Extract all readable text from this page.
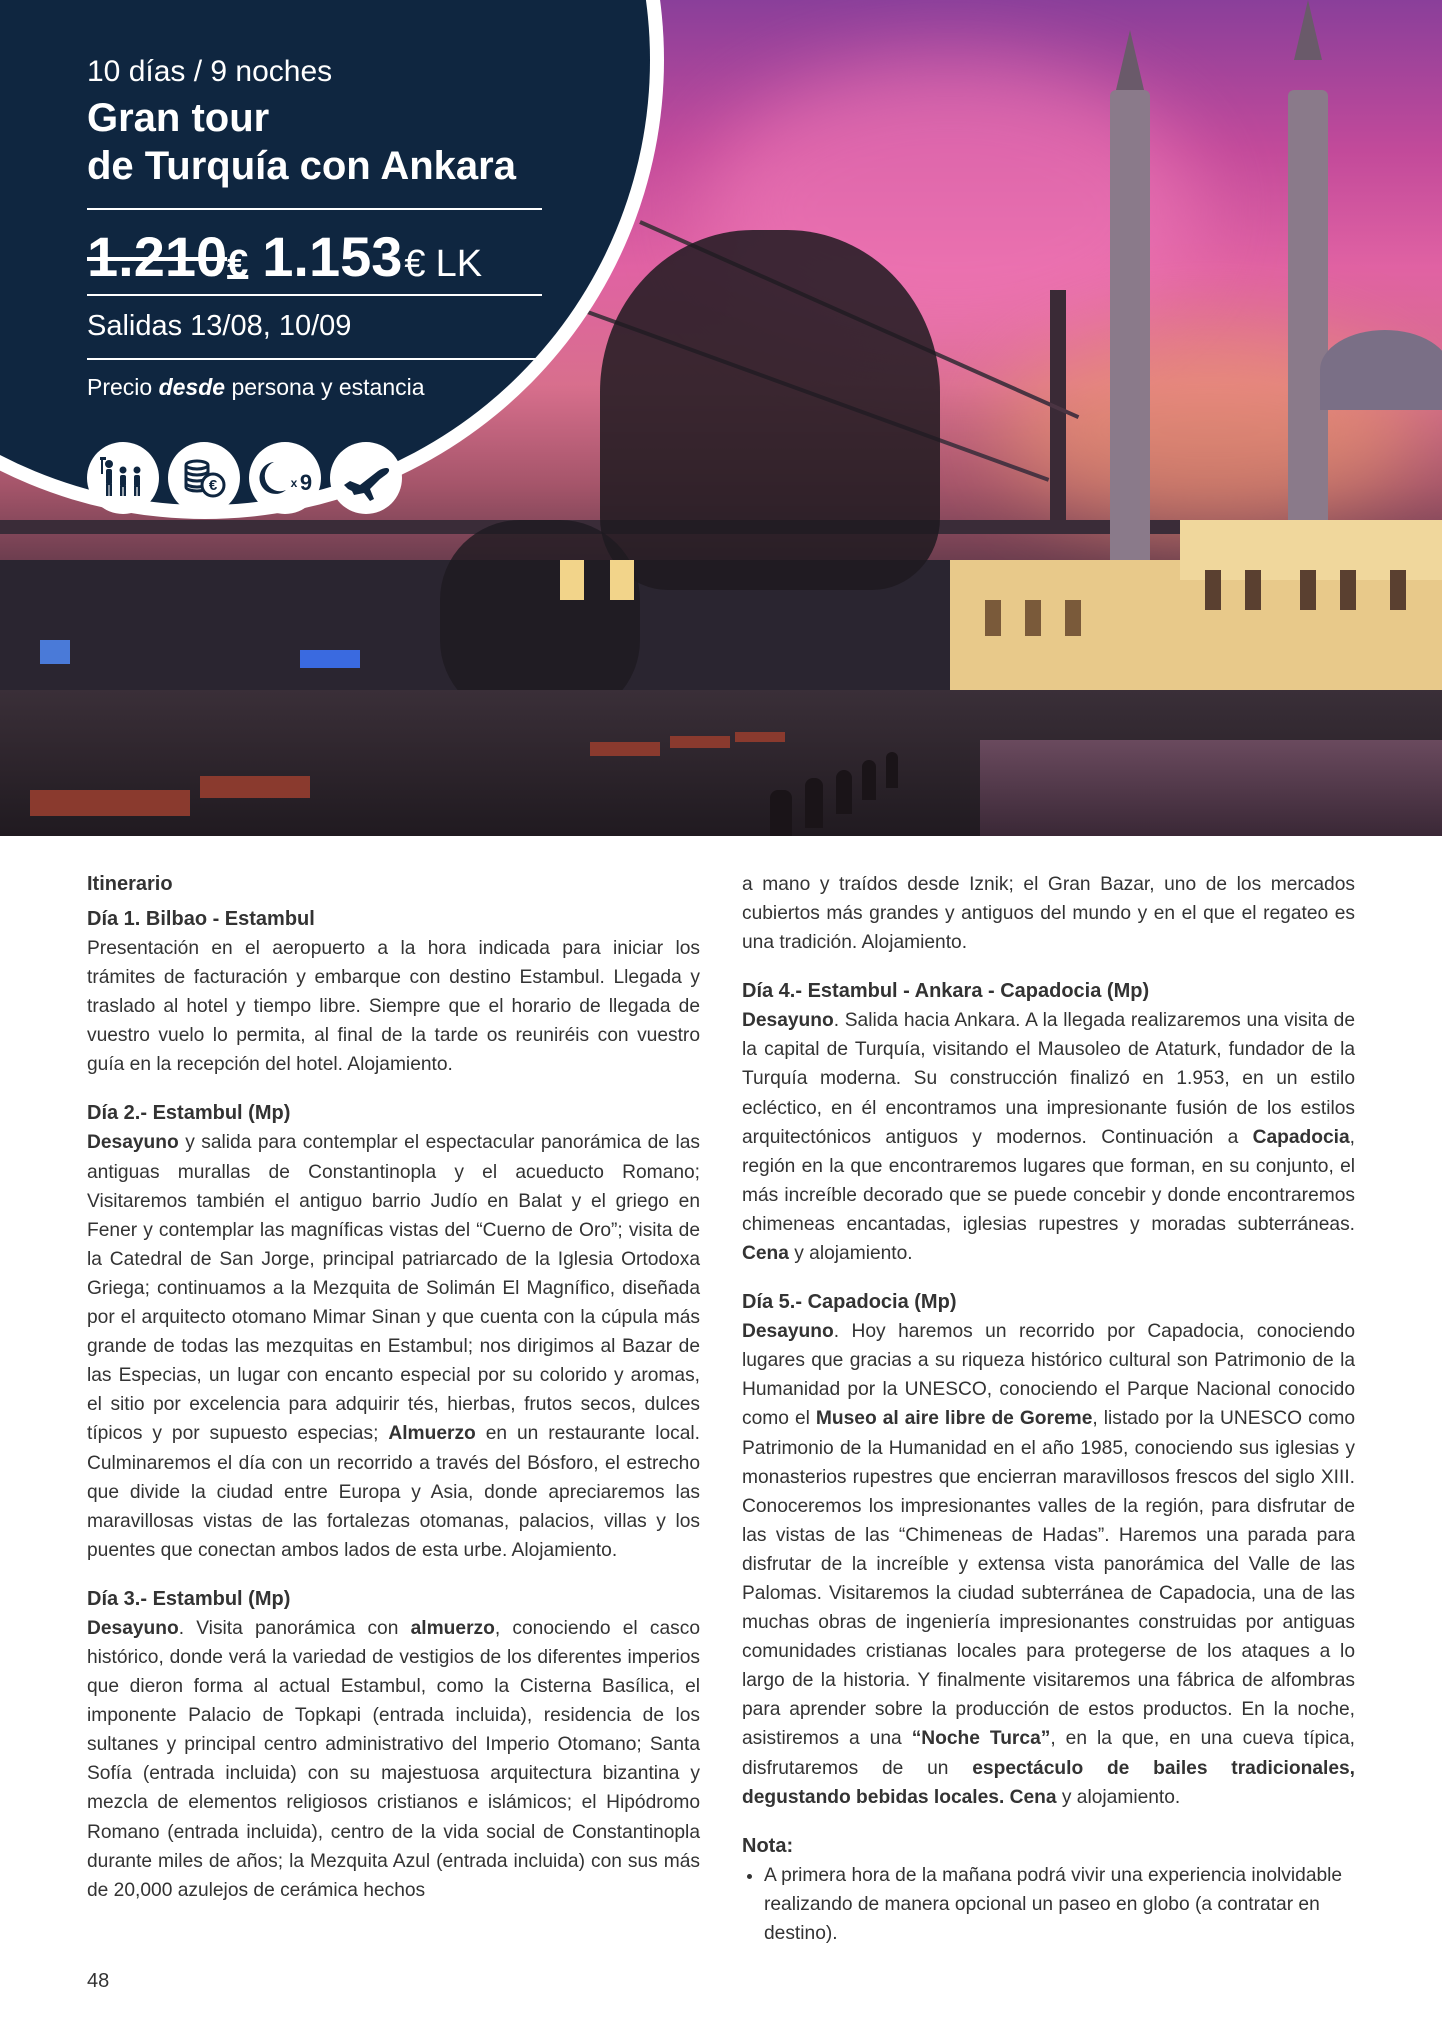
10 días / 9 noches

Gran tour
de Turquía con Ankara
1.210€ 1.153 € LK
Salidas 13/08, 10/09
Precio desde persona y estancia
€	x 9
Itinerario
Día 1. Bilbao - Estambul

Presentación en el aeropuerto a la hora indicada para iniciar los trámites de facturación y embarque con destino Estambul. Llegada y traslado al hotel y tiempo libre. Siempre que el horario de llegada de vuestro vuelo lo permita, al final de la tarde os reuniréis con vuestro guía en la recepción del hotel. Alojamiento.

Día 2.- Estambul (Mp)

Desayuno y salida para contemplar el espectacular panorámica de las antiguas murallas de Constantinopla y el acueducto Romano; Visitaremos también el antiguo barrio Judío en Balat y el griego en Fener y contemplar las magníficas vistas del “Cuerno de Oro”; visita de la Catedral de San Jorge, principal patriarcado de la Iglesia Ortodoxa Griega; continuamos a la Mezquita de Solimán El Magnífico, diseñada por el arquitecto otomano Mimar Sinan y que cuenta con la cúpula más grande de todas las mezquitas en Estambul; nos dirigimos al Bazar de las Especias, un lugar con encanto especial por su colorido y aromas, el sitio por excelencia para adquirir tés, hierbas, frutos secos, dulces típicos y por supuesto especias; Almuerzo en un restaurante local. Culminaremos el día con un recorrido a través del Bósforo, el estrecho que divide la ciudad entre Europa y Asia, donde apreciaremos las maravillosas vistas de las fortalezas otomanas, palacios, villas y los puentes que conectan ambos lados de esta urbe. Alojamiento.

Día 3.- Estambul (Mp)

Desayuno. Visita panorámica con almuerzo, conociendo el casco histórico, donde verá la variedad de vestigios de los diferentes imperios que dieron forma al actual Estambul, como la Cisterna Basílica, el imponente Palacio de Topkapi (entrada incluida), residencia de los sultanes y principal centro administrativo del Imperio Otomano; Santa Sofía (entrada incluida) con su majestuosa arquitectura bizantina y mezcla de elementos religiosos cristianos e islámicos; el Hipódromo Romano (entrada incluida), centro de la vida social de Constantinopla durante miles de años; la Mezquita Azul (entrada incluida) con sus más de 20,000 azulejos de cerámica hechos

a mano y traídos desde Iznik; el Gran Bazar, uno de los mercados cubiertos más grandes y antiguos del mundo y en el que el regateo es una tradición. Alojamiento.

Día 4.- Estambul - Ankara - Capadocia (Mp)

Desayuno. Salida hacia Ankara. A la llegada realizaremos una visita de la capital de Turquía, visitando el Mausoleo de Ataturk, fundador de la Turquía moderna. Su construcción finalizó en 1.953, en un estilo ecléctico, en él encontramos una impresionante fusión de los estilos arquitectónicos antiguos y modernos. Continuación a Capadocia, región en la que encontraremos lugares que forman, en su conjunto, el más increíble decorado que se puede concebir y donde encontraremos chimeneas encantadas, iglesias rupestres y moradas subterráneas. Cena y alojamiento.

Día 5.- Capadocia (Mp)

Desayuno. Hoy haremos un recorrido por Capadocia, conociendo lugares que gracias a su riqueza histórico cultural son Patrimonio de la Humanidad por la UNESCO, conociendo el Parque Nacional conocido como el Museo al aire libre de Goreme, listado por la UNESCO como Patrimonio de la Humanidad en el año 1985, conociendo sus iglesias y monasterios rupestres que encierran maravillosos frescos del siglo XIII. Conoceremos los impresionantes valles de la región, para disfrutar de las vistas de las “Chimeneas de Hadas”. Haremos una parada para disfrutar de la increíble y extensa vista panorámica del Valle de las Palomas. Visitaremos la ciudad subterránea de Capadocia, una de las muchas obras de ingeniería impresionantes construidas por antiguas comunidades cristianas locales para protegerse de los ataques a lo largo de la historia. Y finalmente visitaremos una fábrica de alfombras para aprender sobre la producción de estos productos. En la noche, asistiremos a una “Noche Turca”, en la que, en una cueva típica, disfrutaremos de un espectáculo de bailes tradicionales, degustando bebidas locales. Cena y alojamiento.

Nota:
• A primera hora de la mañana podrá vivir una experiencia inolvidable realizando de manera opcional un paseo en globo (a contratar en destino).
48
